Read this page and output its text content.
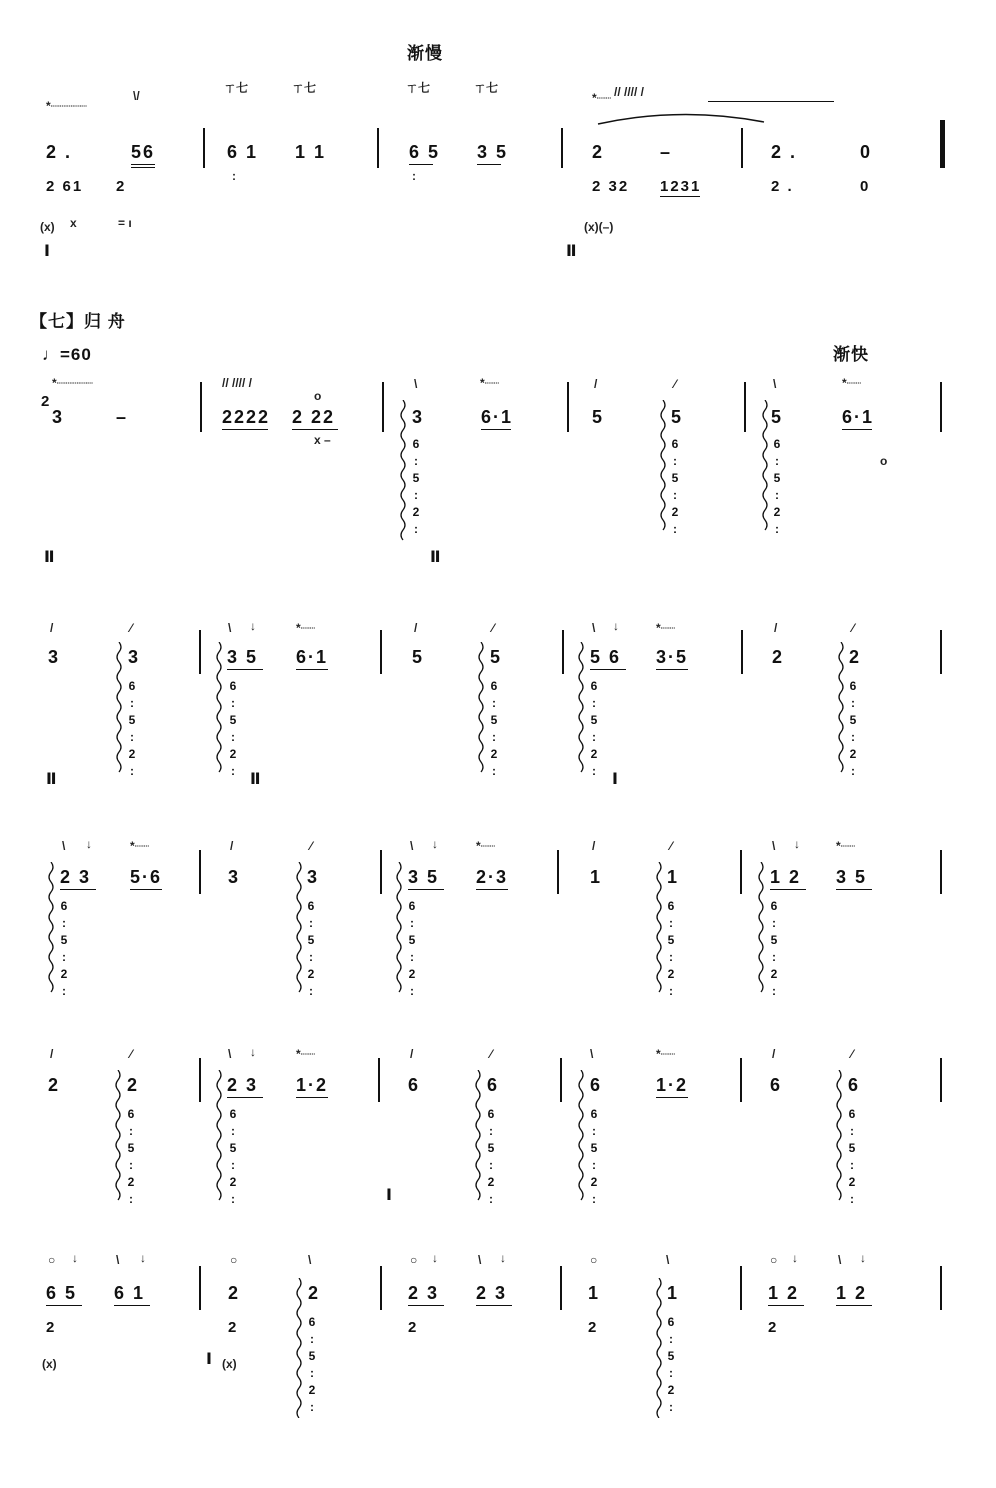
渐慢
*┈┈┈┈┈
\/
ㄒ七	ㄒ七	ㄒ七	ㄒ七
*┈┈ // //// /
2 .	56	6 1 1 1	6 5 3 5	2	–	2 .	0
2 61 2
(x) x	= ı
Ⅰ
:	:
2 32 1231	2 .	0
(x)(–)
Ⅱ
【七】归 舟
♩=60	渐快
*┈┈┈┈┈
2
3	–
// //// /
2222
o
2 22
x –
\
3
*┈┈
6·1
/
5
⁄
5
\
5
*┈┈
6·1
о
Ⅱ	Ⅱ
6
:
5
:
2
:
6
:
5
:
2
:
6
:
5
:
2
:
/
3
⁄
3
\ ↓
3 5
*┈┈
6·1
/
5
⁄
5
\ ↓
5 6
*┈┈
3·5
/
2
⁄
2
6
:
5
:
2
:
6
:
5
:
2
:
6
:
5
:
2
:
6
:
5
:
2
:
6
:
5
:
2
:
Ⅱ	Ⅱ	Ⅰ
\ ↓
2 3
*┈┈
5·6
/
3
⁄
3
\ ↓
3 5
*┈┈
2·3
/
1
⁄
1
\ ↓
1 2
*┈┈
3 5
6
:
5
:
2
:
6
:
5
:
2
:
6
:
5
:
2
:
6
:
5
:
2
:
6
:
5
:
2
:
/
2
⁄
2
\ ↓
2 3
*┈┈
1·2
/
6
⁄
6
\
6
*┈┈
1·2
/
6
⁄
6
6
:
5
:
2
:
6
:
5
:
2
:
6
:
5
:
2
:
6
:
5
:
2
:
6
:
5
:
2
:
Ⅰ
○ ↓	\ ↓
6 5 6 1
○
2
\
2
○ ↓	\ ↓
2 3 2 3
○
1
\
1
○ ↓	\ ↓
1 2 1 2
2
(x)
2
Ⅰ (x)
2	2	2
6
:
5
:
2
:
6
:
5
:
2
:
